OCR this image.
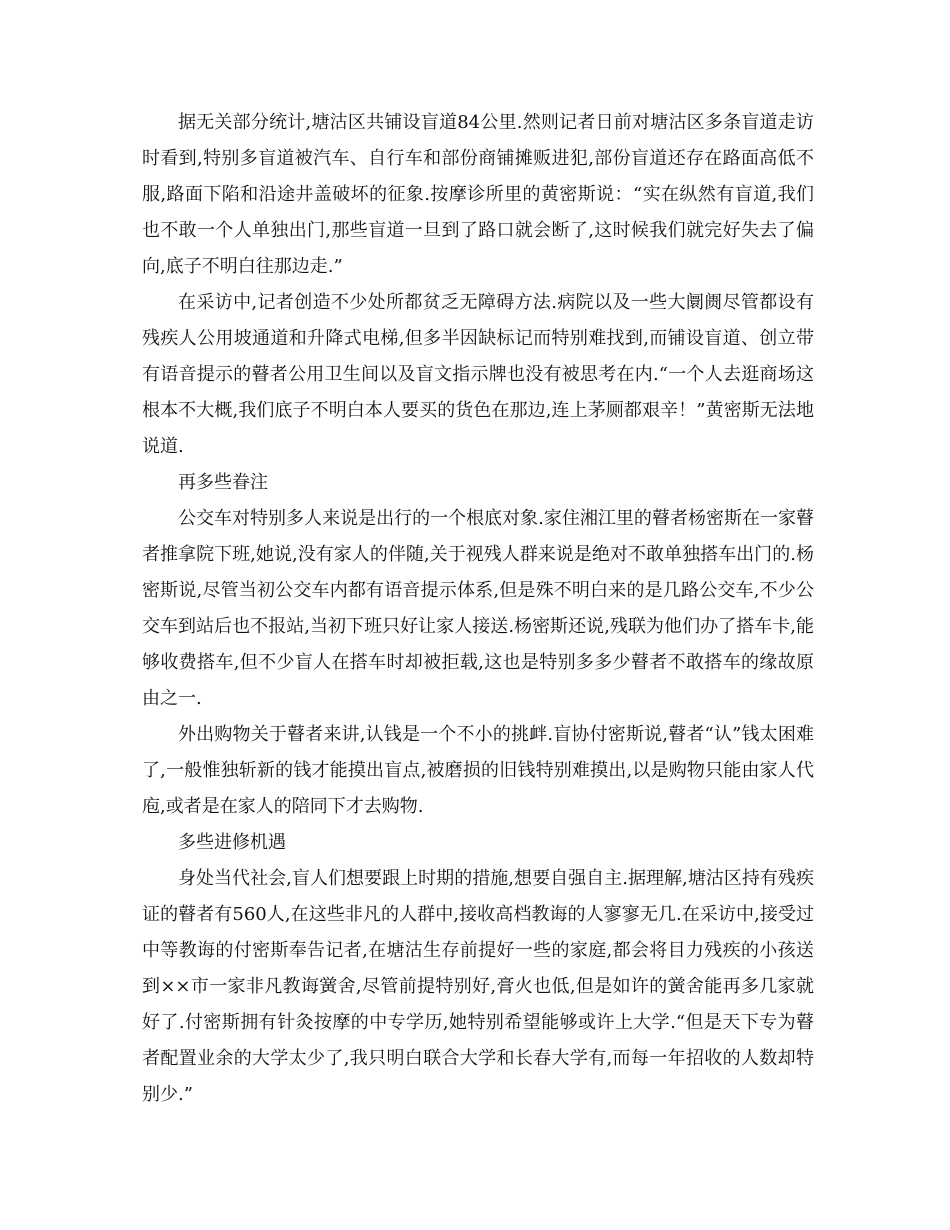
据无关部分统计,塘沽区共铺设盲道84公里.然则记者日前对塘沽区多条盲道走访时看到,特别多盲道被汽车、自行车和部份商铺摊贩进犯,部份盲道还存在路面高低不服,路面下陷和沿途井盖破坏的征象.按摩诊所里的黄密斯说：“实在纵然有盲道,我们也不敢一个人单独出门,那些盲道一旦到了路口就会断了,这时候我们就完好失去了偏向,底子不明白往那边走.”

在采访中,记者创造不少处所都贫乏无障碍方法.病院以及一些大阛阓尽管都设有残疾人公用坡通道和升降式电梯,但多半因缺标记而特别难找到,而铺设盲道、创立带有语音提示的瞽者公用卫生间以及盲文指示牌也没有被思考在内.“一个人去逛商场这根本不大概,我们底子不明白本人要买的货色在那边,连上茅厕都艰辛！”黄密斯无法地说道.

再多些眷注

公交车对特别多人来说是出行的一个根底对象.家住湘江里的瞽者杨密斯在一家瞽者推拿院下班,她说,没有家人的伴随,关于视残人群来说是绝对不敢单独搭车出门的.杨密斯说,尽管当初公交车内都有语音提示体系,但是殊不明白来的是几路公交车,不少公交车到站后也不报站,当初下班只好让家人接送.杨密斯还说,残联为他们办了搭车卡,能够收费搭车,但不少盲人在搭车时却被拒载,这也是特别多多少瞽者不敢搭车的缘故原由之一.

外出购物关于瞽者来讲,认钱是一个不小的挑衅.盲协付密斯说,瞽者“认”钱太困难了,一般惟独斩新的钱才能摸出盲点,被磨损的旧钱特别难摸出,以是购物只能由家人代庖,或者是在家人的陪同下才去购物.

多些进修机遇

身处当代社会,盲人们想要跟上时期的措施,想要自强自主.据理解,塘沽区持有残疾证的瞽者有560人,在这些非凡的人群中,接收高档教诲的人寥寥无几.在采访中,接受过中等教诲的付密斯奉告记者,在塘沽生存前提好一些的家庭,都会将目力残疾的小孩送到××市一家非凡教诲黉舍,尽管前提特别好,膏火也低,但是如许的黉舍能再多几家就好了.付密斯拥有针灸按摩的中专学历,她特别希望能够或许上大学.“但是天下专为瞽者配置业余的大学太少了,我只明白联合大学和长春大学有,而每一年招收的人数却特别少.”
